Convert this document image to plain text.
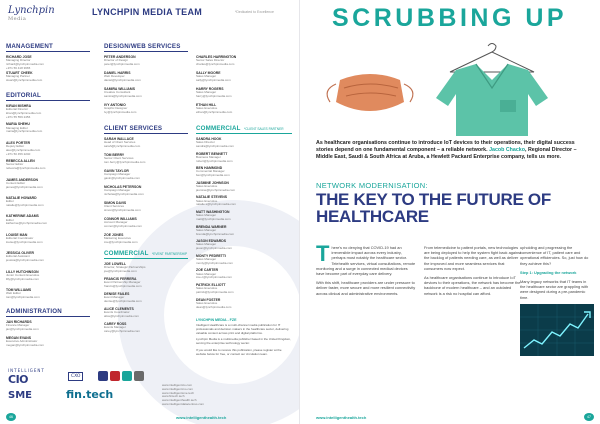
Lynchpin
Media
LYNCHPIN MEDIA TEAM	*Dedicated to Excellence
MANAGEMENT
EDITORIAL
ADMINISTRATION
DESIGN/WEB SERVICES
CLIENT SERVICES	COMMERCIAL *CLIENT SALES PARTNER
COMMERCIAL *EVENT PARTNERSHIP
RICHARD JOSE
Managing Director
richard@lynchpinmedia.com
+971 56 418 3665
STUART CHEEK
Managing Partner
stuart@lynchpinmedia.com
KIRAN MISHRA
Editorial Director
kiran@lynchpinmedia.com
+971 55 559 2456
MARIA SHEHU
Managing Editor
maria@lynchpinmedia.com
ALEX PORTER
Deputy Editor
alex@lynchpinmedia.com
+971 50 456 2240
REBECCA ALLEN
Senior Editor
rebecca@lynchpinmedia.com
JAMES ANDERSON
Content Editor
james@lynchpinmedia.com
NATALIE HOWARD
Editor
natalie@lynchpinmedia.com
KATHERINE ADAMS
Editor
katherine@lynchpinmedia.com
LOUISE MAN
Editorial Coordinator
louise@lynchpinmedia.com
JESSICA OLIVER
Editorial Assistant
jessica@lynchpinmedia.com
LILLY HUTCHINSON
Junior Content Executive
lilly@lynchpinmedia.com
TOM WILLIAMS
Web Editor
tom@lynchpinmedia.com
JAN RICHARDS
Finance Manager
jan@lynchpinmedia.com
MEGAN EVANS
Executive Administrator
megan@lynchpinmedia.com
PETER ANDERSON
Director of Design
peter@lynchpinmedia.com
DANIEL HARRIS
Web Developer
daniel@lynchpinmedia.com
SAMIRA WILLIAMS
Creative Consultant
samira@lynchpinmedia.com
IVY ANTONIO
Graphic Designer
ivy@lynchpinmedia.com
SARAH WALLACE
Head of Client Services
sarah@lynchpinmedia.com
TOM BERRY
Senior Client Services
tom.berry@lynchpinmedia.com
GAVIN TAYLOR
Campaign Manager
gavin@lynchpinmedia.com
NICHOLAS PETERSON
Campaign Manager
nicholas@lynchpinmedia.com
SIMON DAVIS
Client Services
simon@lynchpinmedia.com
CONNOR WILLIAMS
Account Manager
connor@lynchpinmedia.com
ZOE JONES
Marketing Executive
zoe@lynchpinmedia.com
CHARLES HARRINGTON
Senior Sales Director
charles@lynchpinmedia.com
SALLY MOORE
Sales Manager
sally@lynchpinmedia.com
HARRY ROGERS
Sales Manager
harry@lynchpinmedia.com
ETHAN HILL
Sales Executive
ethan@lynchpinmedia.com
SANDRA HOOK
Sales Director
sandra@lynchpinmedia.com
ROBERT BENNETT
Business Manager
robert@lynchpinmedia.com
BEN HAMMOND
Commercial Manager
ben@lynchpinmedia.com
JASMINE JOHNSON
Sales Executive
jasmine@lynchpinmedia.com
NATALIE STEVENS
Sales Executive
natalie.s@lynchpinmedia.com
MATT WASHINGTON
Sales Manager
matt@lynchpinmedia.com
BRENDA WARNER
Sales Manager
brenda@lynchpinmedia.com
JASON EDWARDS
Sales Manager
jason@lynchpinmedia.com
MONTY PEDRETTI
Sales Manager
monty@lynchpinmedia.com
ZOE CARTER
Sales Manager
zoe.c@lynchpinmedia.com
PATRICK ELLIOTT
Sales Executive
patrick@lynchpinmedia.com
DEAN FOSTER
Sales Executive
dean@lynchpinmedia.com
JOE LOWELL
Director, Strategic Partnerships
joe@lynchpinmedia.com
FRANCIS FERRERA
Event Partnership Manager
francis@lynchpinmedia.com
DENISE FAILES
Event Manager
denise@lynchpinmedia.com
ALICE CLEMENTS
Events Coordinator
alice@lynchpinmedia.com
CAREY ROSS
Events Manager
carey@lynchpinmedia.com
LYNCHPIN MEDIA - FZE

Intelligent Healthcare is a multi-channel media publication for IT professionals and decision makers in the healthcare sector, delivering valuable content across print and digital platforms.

Lynchpin Media is a multimedia publisher based in the United Kingdom, serving the enterprise technology sector.

If you would like to receive this publication, please register at the website below for free, or contact our circulation team.

INTELLIGENT
CIO
SME
CXO
fin.tech
www.intelligentcio.com
www.intelligentcxo.com
www.intelligentsme.tech
www.fintech.tech
www.intelligenthealth.tech
www.intelligentdatacentres.com
46	www.intelligenthealth.tech
SCRUBBING UP
As healthcare organisations continue to introduce IoT devices to their operations, their digital success stories depend on one fundamental component – a reliable network. Jacob Chacko, Regional Director – Middle East, Saudi & South Africa at Aruba, a Hewlett Packard Enterprise company, tells us more.
NETWORK MODERNISATION:
THE KEY TO THE FUTURE OF HEALTHCARE

There's no denying that COVID-19 had an irreversible impact across every industry, perhaps most notably the healthcare sector. Telehealth services, virtual consultations, remote monitoring and a surge in connected medical devices have become part of everyday care delivery.

With this shift, healthcare providers are under pressure to deliver faster, more secure and more resilient connectivity across clinical and administrative environments.

From telemedicine to patient portals, new technologies are being deployed to help the system fight back against the backlog of patients needing care, as well as deliver the improved and more seamless services that consumers now expect.

As healthcare organisations continue to introduce IoT devices to their operations, the network has become the backbone of modern healthcare – and an outdated network is a risk no hospital can afford.

upholding and progressing the convenience of IT, patient care and operational efficiencies. So, just how do they achieve this?

Step 1: Upgrading the network

Many legacy networks that IT teams in the healthcare sector are grappling with were designed during a pre-pandemic time.

www.intelligenthealth.tech	47
